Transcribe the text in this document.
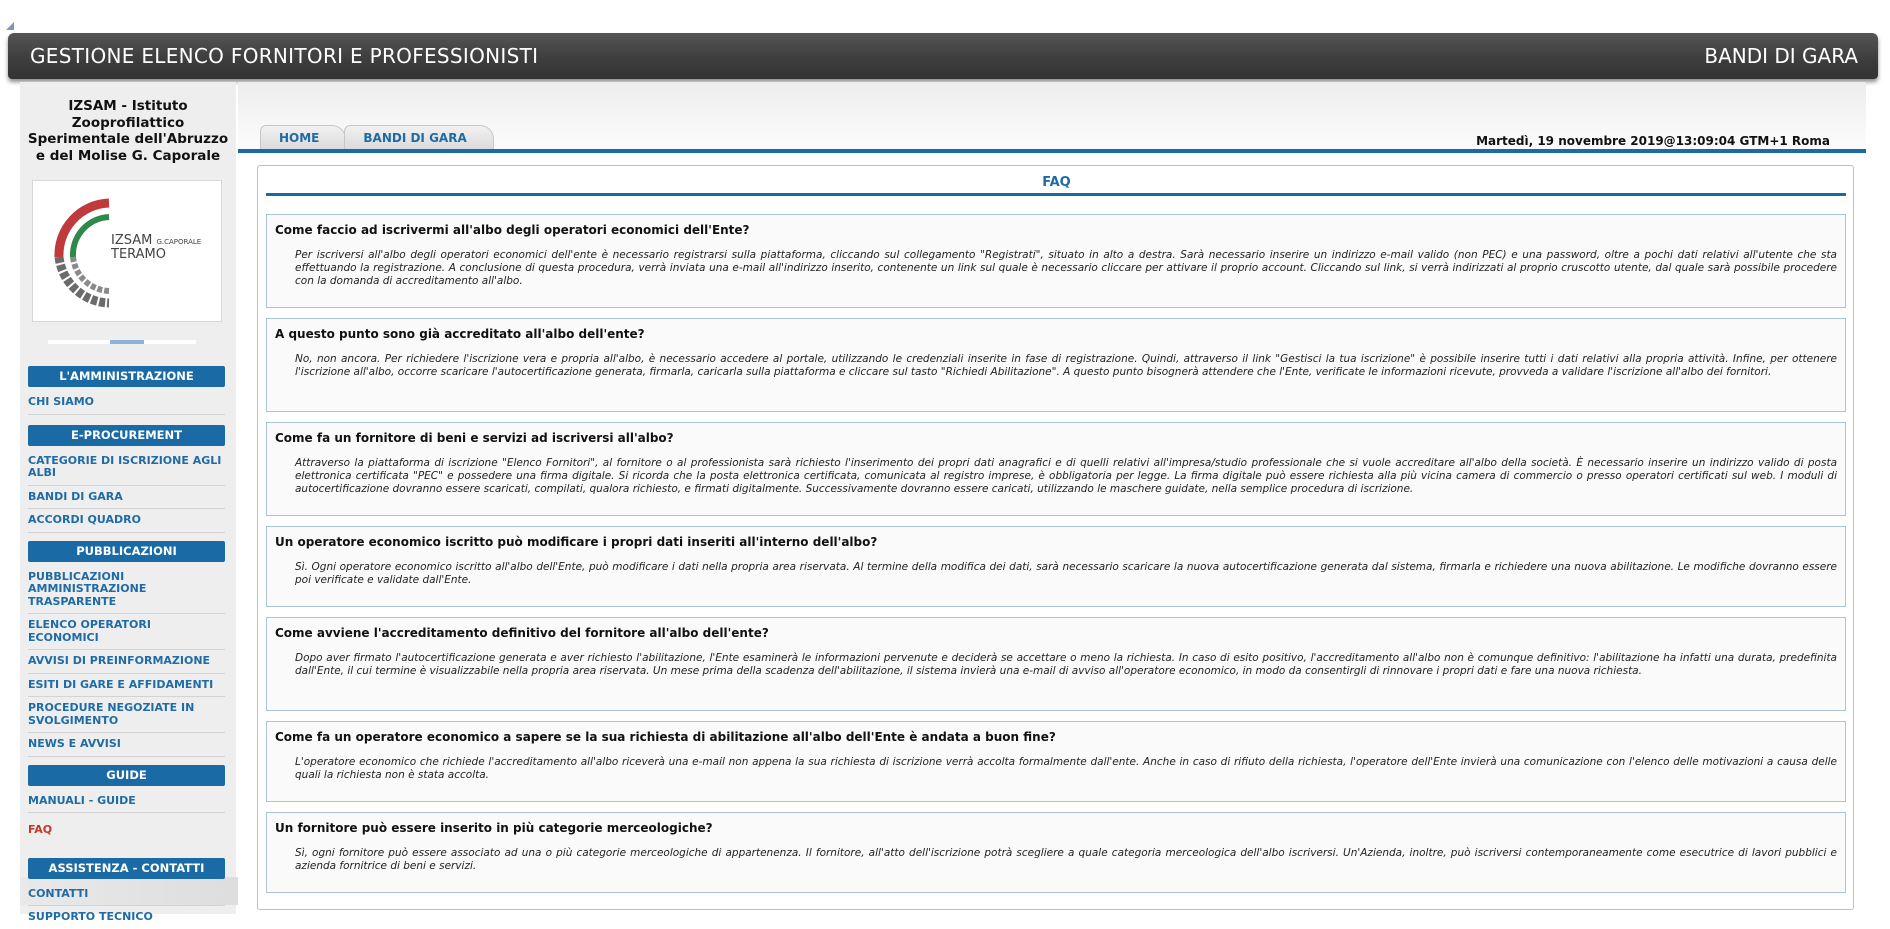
GESTIONE ELENCO FORNITORI E PROFESSIONISTI	BANDI DI GARA
IZSAM - Istituto Zooprofilattico Sperimentale dell'Abruzzo e del Molise G. Caporale
IZSAM G.CAPORALE
TERAMO
L'AMMINISTRAZIONE
CHI SIAMO
E-PROCUREMENT
CATEGORIE DI ISCRIZIONE AGLI ALBI
BANDI DI GARA
ACCORDI QUADRO
PUBBLICAZIONI
PUBBLICAZIONI AMMINISTRAZIONE TRASPARENTE
ELENCO OPERATORI ECONOMICI
AVVISI DI PREINFORMAZIONE
ESITI DI GARE E AFFIDAMENTI
PROCEDURE NEGOZIATE IN SVOLGIMENTO
NEWS E AVVISI
GUIDE
MANUALI - GUIDE
FAQ
ASSISTENZA - CONTATTI
CONTATTI
SUPPORTO TECNICO
HOME	BANDI DI GARA	Martedì, 19 novembre 2019@13:09:04 GTM+1 Roma
FAQ
Come faccio ad iscrivermi all'albo degli operatori economici dell'Ente?
Per iscriversi all'albo degli operatori economici dell'ente è necessario registrarsi sulla piattaforma, cliccando sul collegamento "Registrati", situato in alto a destra. Sarà necessario inserire un indirizzo e-mail valido (non PEC) e una password, oltre a pochi dati relativi all'utente che sta effettuando la registrazione. A conclusione di questa procedura, verrà inviata una e-mail all'indirizzo inserito, contenente un link sul quale è necessario cliccare per attivare il proprio account. Cliccando sul link, si verrà indirizzati al proprio cruscotto utente, dal quale sarà possibile procedere con la domanda di accreditamento all'albo.
A questo punto sono già accreditato all'albo dell'ente?
No, non ancora. Per richiedere l'iscrizione vera e propria all'albo, è necessario accedere al portale, utilizzando le credenziali inserite in fase di registrazione. Quindi, attraverso il link "Gestisci la tua iscrizione" è possibile inserire tutti i dati relativi alla propria attività. Infine, per ottenere l'iscrizione all'albo, occorre scaricare l'autocertificazione generata, firmarla, caricarla sulla piattaforma e cliccare sul tasto "Richiedi Abilitazione". A questo punto bisognerà attendere che l'Ente, verificate le informazioni ricevute, provveda a validare l'iscrizione all'albo dei fornitori.
Come fa un fornitore di beni e servizi ad iscriversi all'albo?
Attraverso la piattaforma di iscrizione "Elenco Fornitori", al fornitore o al professionista sarà richiesto l'inserimento dei propri dati anagrafici e di quelli relativi all'impresa/studio professionale che si vuole accreditare all'albo della società. È necessario inserire un indirizzo valido di posta elettronica certificata "PEC" e possedere una firma digitale. Si ricorda che la posta elettronica certificata, comunicata al registro imprese, è obbligatoria per legge. La firma digitale può essere richiesta alla più vicina camera di commercio o presso operatori certificati sul web. I moduli di autocertificazione dovranno essere scaricati, compilati, qualora richiesto, e firmati digitalmente. Successivamente dovranno essere caricati, utilizzando le maschere guidate, nella semplice procedura di iscrizione.
Un operatore economico iscritto può modificare i propri dati inseriti all'interno dell'albo?
Sì. Ogni operatore economico iscritto all'albo dell'Ente, può modificare i dati nella propria area riservata. Al termine della modifica dei dati, sarà necessario scaricare la nuova autocertificazione generata dal sistema, firmarla e richiedere una nuova abilitazione. Le modifiche dovranno essere poi verificate e validate dall'Ente.
Come avviene l'accreditamento definitivo del fornitore all'albo dell'ente?
Dopo aver firmato l'autocertificazione generata e aver richiesto l'abilitazione, l'Ente esaminerà le informazioni pervenute e deciderà se accettare o meno la richiesta. In caso di esito positivo, l'accreditamento all'albo non è comunque definitivo: l'abilitazione ha infatti una durata, predefinita dall'Ente, il cui termine è visualizzabile nella propria area riservata. Un mese prima della scadenza dell'abilitazione, il sistema invierà una e-mail di avviso all'operatore economico, in modo da consentirgli di rinnovare i propri dati e fare una nuova richiesta.
Come fa un operatore economico a sapere se la sua richiesta di abilitazione all'albo dell'Ente è andata a buon fine?
L'operatore economico che richiede l'accreditamento all'albo riceverà una e-mail non appena la sua richiesta di iscrizione verrà accolta formalmente dall'ente. Anche in caso di rifiuto della richiesta, l'operatore dell'Ente invierà una comunicazione con l'elenco delle motivazioni a causa delle quali la richiesta non è stata accolta.
Un fornitore può essere inserito in più categorie merceologiche?
Sì, ogni fornitore può essere associato ad una o più categorie merceologiche di appartenenza. Il fornitore, all'atto dell'iscrizione potrà scegliere a quale categoria merceologica dell'albo iscriversi. Un'Azienda, inoltre, può iscriversi contemporaneamente come esecutrice di lavori pubblici e azienda fornitrice di beni e servizi.
